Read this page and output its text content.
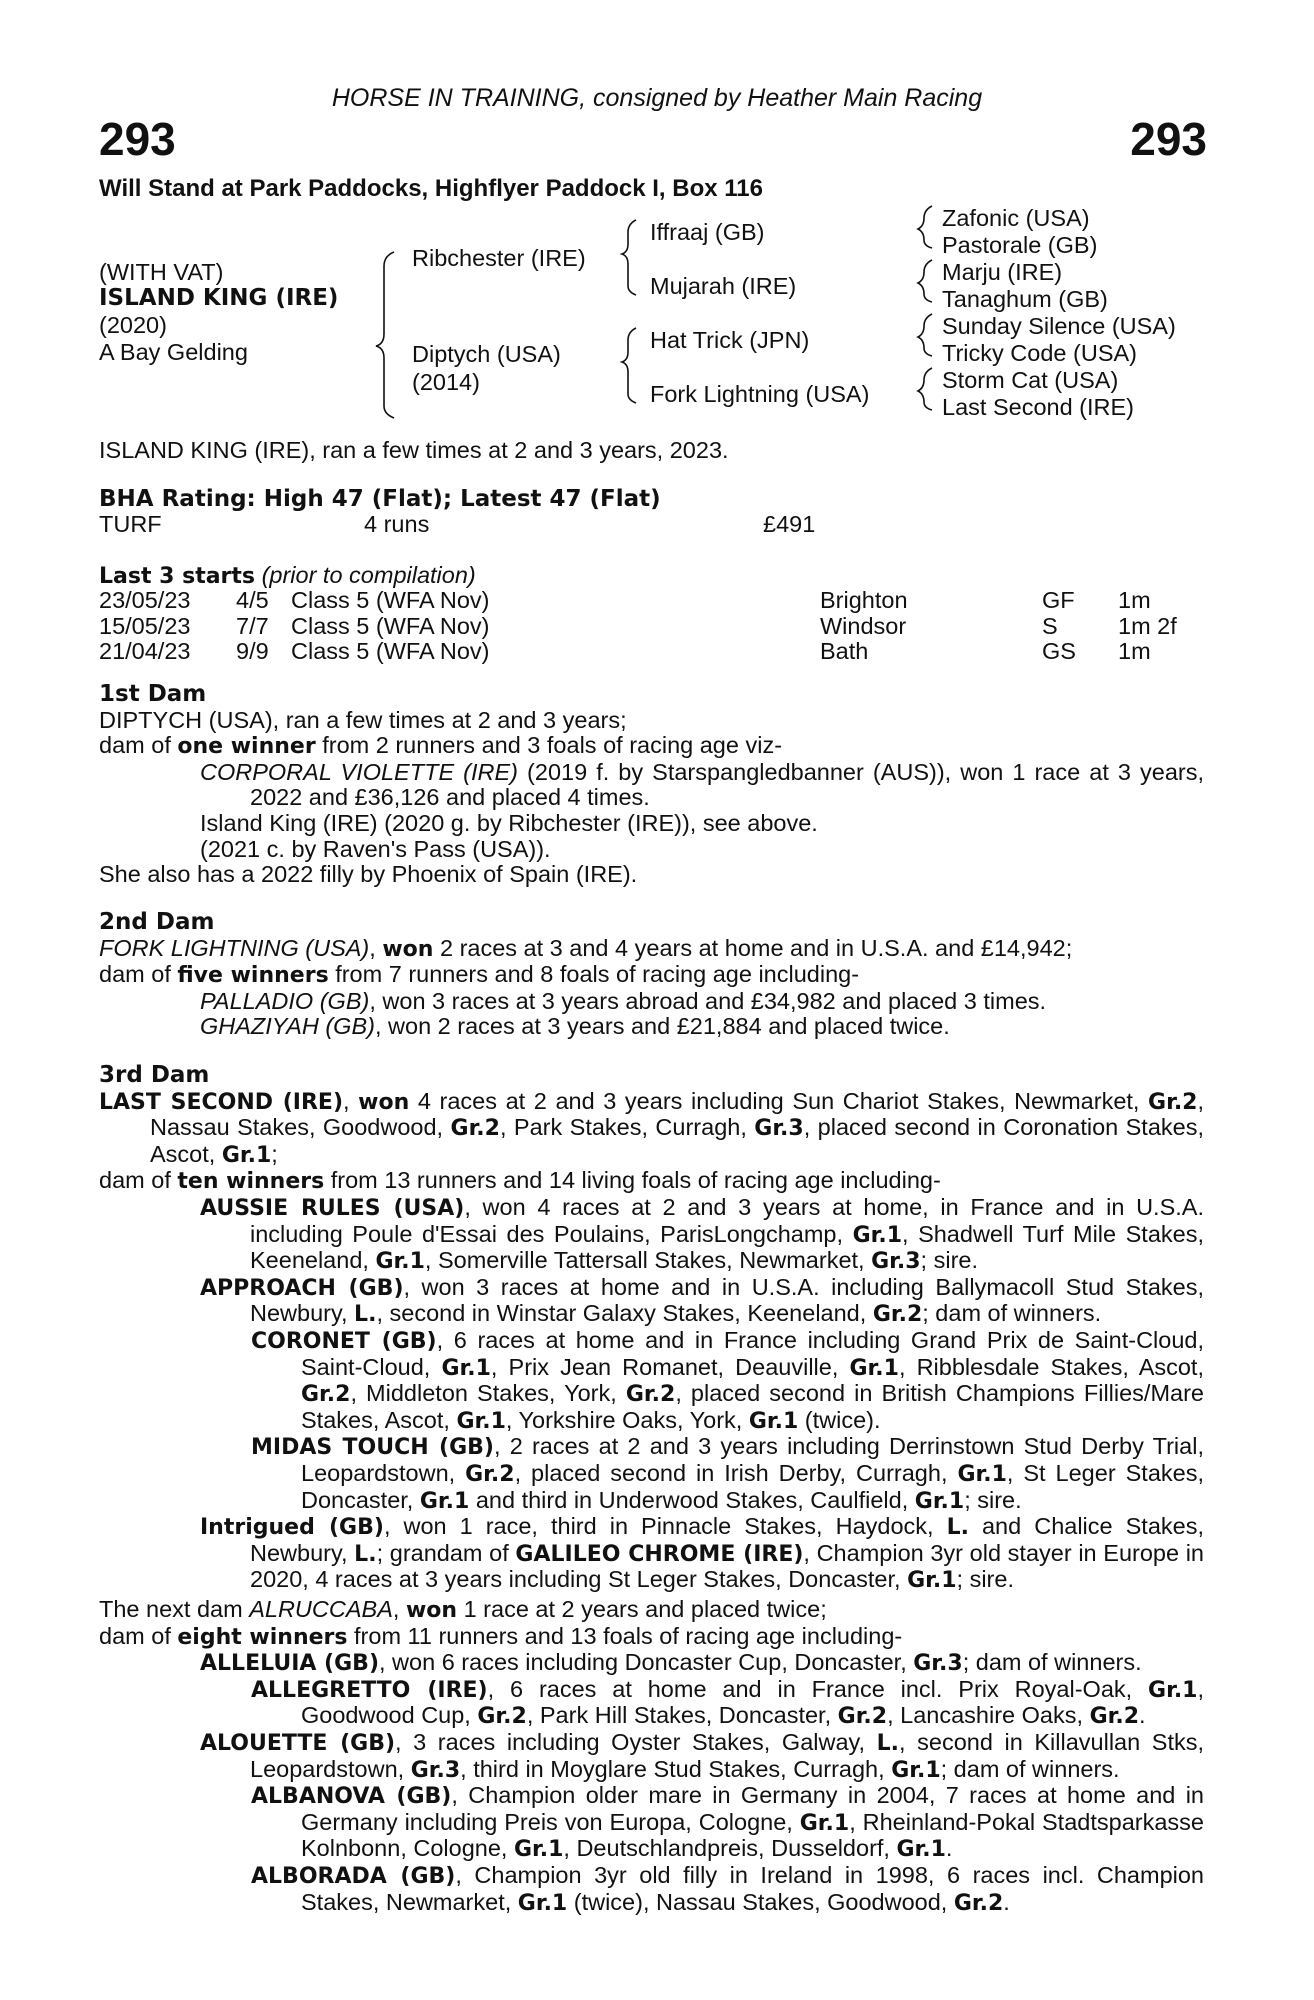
HORSE IN TRAINING, consigned by Heather Main Racing
293	293
Will Stand at Park Paddocks, Highflyer Paddock I, Box 116
(WITH VAT)
ISLAND KING (IRE)
(2020)
A Bay Gelding
Ribchester (IRE)
Diptych (USA)
(2014)
Iffraaj (GB)
Mujarah (IRE)
Hat Trick (JPN)
Fork Lightning (USA)
Zafonic (USA)
Pastorale (GB)
Marju (IRE)
Tanaghum (GB)
Sunday Silence (USA)
Tricky Code (USA)
Storm Cat (USA)
Last Second (IRE)
ISLAND KING (IRE), ran a few times at 2 and 3 years, 2023.
BHA Rating: High 47 (Flat); Latest 47 (Flat)
TURF	4 runs	£491
Last 3 starts (prior to compilation)
23/05/23 4/5 Class 5 (WFA Nov)	Brighton	GF 1m
15/05/23 7/7 Class 5 (WFA Nov)	Windsor	S	1m 2f
21/04/23 9/9 Class 5 (WFA Nov)	Bath	GS 1m

1st Dam

DIPTYCH (USA), ran a few times at 2 and 3 years;

dam of one winner from 2 runners and 3 foals of racing age viz-

CORPORAL VIOLETTE (IRE) (2019 f. by Starspangledbanner (AUS)), won 1 race at 3 years, 2022 and £36,126 and placed 4 times.

Island King (IRE) (2020 g. by Ribchester (IRE)), see above.

(2021 c. by Raven's Pass (USA)).

She also has a 2022 filly by Phoenix of Spain (IRE).

2nd Dam

FORK LIGHTNING (USA), won 2 races at 3 and 4 years at home and in U.S.A. and £14,942;

dam of five winners from 7 runners and 8 foals of racing age including-

PALLADIO (GB), won 3 races at 3 years abroad and £34,982 and placed 3 times.

GHAZIYAH (GB), won 2 races at 3 years and £21,884 and placed twice.

3rd Dam

LAST SECOND (IRE), won 4 races at 2 and 3 years including Sun Chariot Stakes, Newmarket, Gr.2, Nassau Stakes, Goodwood, Gr.2, Park Stakes, Curragh, Gr.3, placed second in Coronation Stakes, Ascot, Gr.1;

dam of ten winners from 13 runners and 14 living foals of racing age including-

AUSSIE RULES (USA), won 4 races at 2 and 3 years at home, in France and in U.S.A. including Poule d'Essai des Poulains, ParisLongchamp, Gr.1, Shadwell Turf Mile Stakes, Keeneland, Gr.1, Somerville Tattersall Stakes, Newmarket, Gr.3; sire.

APPROACH (GB), won 3 races at home and in U.S.A. including Ballymacoll Stud Stakes, Newbury, L., second in Winstar Galaxy Stakes, Keeneland, Gr.2; dam of winners.

CORONET (GB), 6 races at home and in France including Grand Prix de Saint-Cloud, Saint-Cloud, Gr.1, Prix Jean Romanet, Deauville, Gr.1, Ribblesdale Stakes, Ascot, Gr.2, Middleton Stakes, York, Gr.2, placed second in British Champions Fillies/Mare Stakes, Ascot, Gr.1, Yorkshire Oaks, York, Gr.1 (twice).

MIDAS TOUCH (GB), 2 races at 2 and 3 years including Derrinstown Stud Derby Trial, Leopardstown, Gr.2, placed second in Irish Derby, Curragh, Gr.1, St Leger Stakes, Doncaster, Gr.1 and third in Underwood Stakes, Caulfield, Gr.1; sire.

Intrigued (GB), won 1 race, third in Pinnacle Stakes, Haydock, L. and Chalice Stakes, Newbury, L.; grandam of GALILEO CHROME (IRE), Champion 3yr old stayer in Europe in 2020, 4 races at 3 years including St Leger Stakes, Doncaster, Gr.1; sire.

The next dam ALRUCCABA, won 1 race at 2 years and placed twice;

dam of eight winners from 11 runners and 13 foals of racing age including-

ALLELUIA (GB), won 6 races including Doncaster Cup, Doncaster, Gr.3; dam of winners.

ALLEGRETTO (IRE), 6 races at home and in France incl. Prix Royal-Oak, Gr.1, Goodwood Cup, Gr.2, Park Hill Stakes, Doncaster, Gr.2, Lancashire Oaks, Gr.2.

ALOUETTE (GB), 3 races including Oyster Stakes, Galway, L., second in Killavullan Stks, Leopardstown, Gr.3, third in Moyglare Stud Stakes, Curragh, Gr.1; dam of winners.

ALBANOVA (GB), Champion older mare in Germany in 2004, 7 races at home and in Germany including Preis von Europa, Cologne, Gr.1, Rheinland-Pokal Stadtsparkasse Kolnbonn, Cologne, Gr.1, Deutschlandpreis, Dusseldorf, Gr.1.

ALBORADA (GB), Champion 3yr old filly in Ireland in 1998, 6 races incl. Champion Stakes, Newmarket, Gr.1 (twice), Nassau Stakes, Goodwood, Gr.2.
